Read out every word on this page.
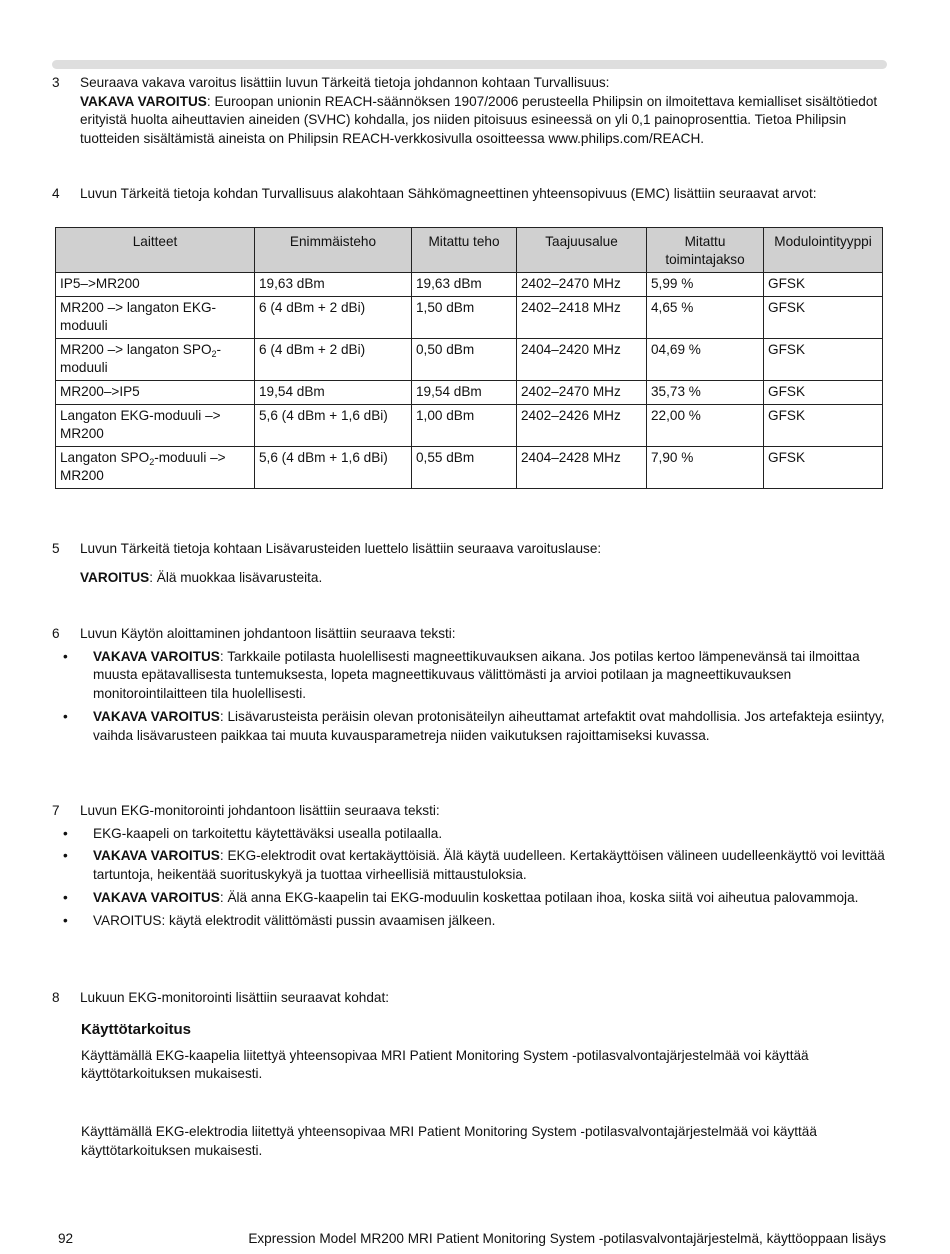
3 Seuraava vakava varoitus lisättiin luvun Tärkeitä tietoja johdannon kohtaan Turvallisuus:

VAKAVA VAROITUS: Euroopan unionin REACH-säännöksen 1907/2006 perusteella Philipsin on ilmoitettava kemialliset sisältötiedot erityistä huolta aiheuttavien aineiden (SVHC) kohdalla, jos niiden pitoisuus esineessä on yli 0,1 painoprosenttia. Tietoa Philipsin tuotteiden sisältämistä aineista on Philipsin REACH-verkkosivulla osoitteessa www.philips.com/REACH.

4 Luvun Tärkeitä tietoja kohdan Turvallisuus alakohtaan Sähkömagneettinen yhteensopivuus (EMC) lisättiin seuraavat arvot:

Laitteet	Enimmäisteho	Mitattu teho	Taajuusalue	Mitattu toimintajakso	Modulointityyppi
IP5–>MR200	19,63 dBm	19,63 dBm	2402–2470 MHz	5,99 %	GFSK
MR200 –> langaton EKG-moduuli	6 (4 dBm + 2 dBi)	1,50 dBm	2402–2418 MHz	4,65 %	GFSK
MR200 –> langaton $SPO_2$-moduuli	6 (4 dBm + 2 dBi)	0,50 dBm	2404–2420 MHz	04,69 %	GFSK
MR200–>IP5	19,54 dBm	19,54 dBm	2402–2470 MHz	35,73 %	GFSK
Langaton EKG-moduuli –> MR200	5,6 (4 dBm + 1,6 dBi)	1,00 dBm	2402–2426 MHz	22,00 %	GFSK
Langaton $SPO_2$-moduuli –> MR200	5,6 (4 dBm + 1,6 dBi)	0,55 dBm	2404–2428 MHz	7,90 %	GFSK
5 Luvun Tärkeitä tietoja kohtaan Lisävarusteiden luettelo lisättiin seuraava varoituslause:

VAROITUS: Älä muokkaa lisävarusteita.

6 Luvun Käytön aloittaminen johdantoon lisättiin seuraava teksti:

• VAKAVA VAROITUS: Tarkkaile potilasta huolellisesti magneettikuvauksen aikana. Jos potilas kertoo lämpenevänsä tai ilmoittaa muusta epätavallisesta tuntemuksesta, lopeta magneettikuvaus välittömästi ja arvioi potilaan ja magneettikuvauksen monitorointilaitteen tila huolellisesti.
• VAKAVA VAROITUS: Lisävarusteista peräisin olevan protonisäteilyn aiheuttamat artefaktit ovat mahdollisia. Jos artefakteja esiintyy, vaihda lisävarusteen paikkaa tai muuta kuvausparametreja niiden vaikutuksen rajoittamiseksi kuvassa.
7 Luvun EKG-monitorointi johdantoon lisättiin seuraava teksti:

• EKG-kaapeli on tarkoitettu käytettäväksi usealla potilaalla.
• VAKAVA VAROITUS: EKG-elektrodit ovat kertakäyttöisiä. Älä käytä uudelleen. Kertakäyttöisen välineen uudelleenkäyttö voi levittää tartuntoja, heikentää suorituskykyä ja tuottaa virheellisiä mittaustuloksia.
• VAKAVA VAROITUS: Älä anna EKG-kaapelin tai EKG-moduulin koskettaa potilaan ihoa, koska siitä voi aiheutua palovammoja.
• VAROITUS: käytä elektrodit välittömästi pussin avaamisen jälkeen.
8 Lukuun EKG-monitorointi lisättiin seuraavat kohdat:

Käyttötarkoitus

Käyttämällä EKG-kaapelia liitettyä yhteensopivaa MRI Patient Monitoring System -potilasvalvontajärjestelmää voi käyttää käyttötarkoituksen mukaisesti.

Käyttämällä EKG-elektrodia liitettyä yhteensopivaa MRI Patient Monitoring System -potilasvalvontajärjestelmää voi käyttää käyttötarkoituksen mukaisesti.

92	Expression Model MR200 MRI Patient Monitoring System -potilasvalvontajärjestelmä, käyttöoppaan lisäys
